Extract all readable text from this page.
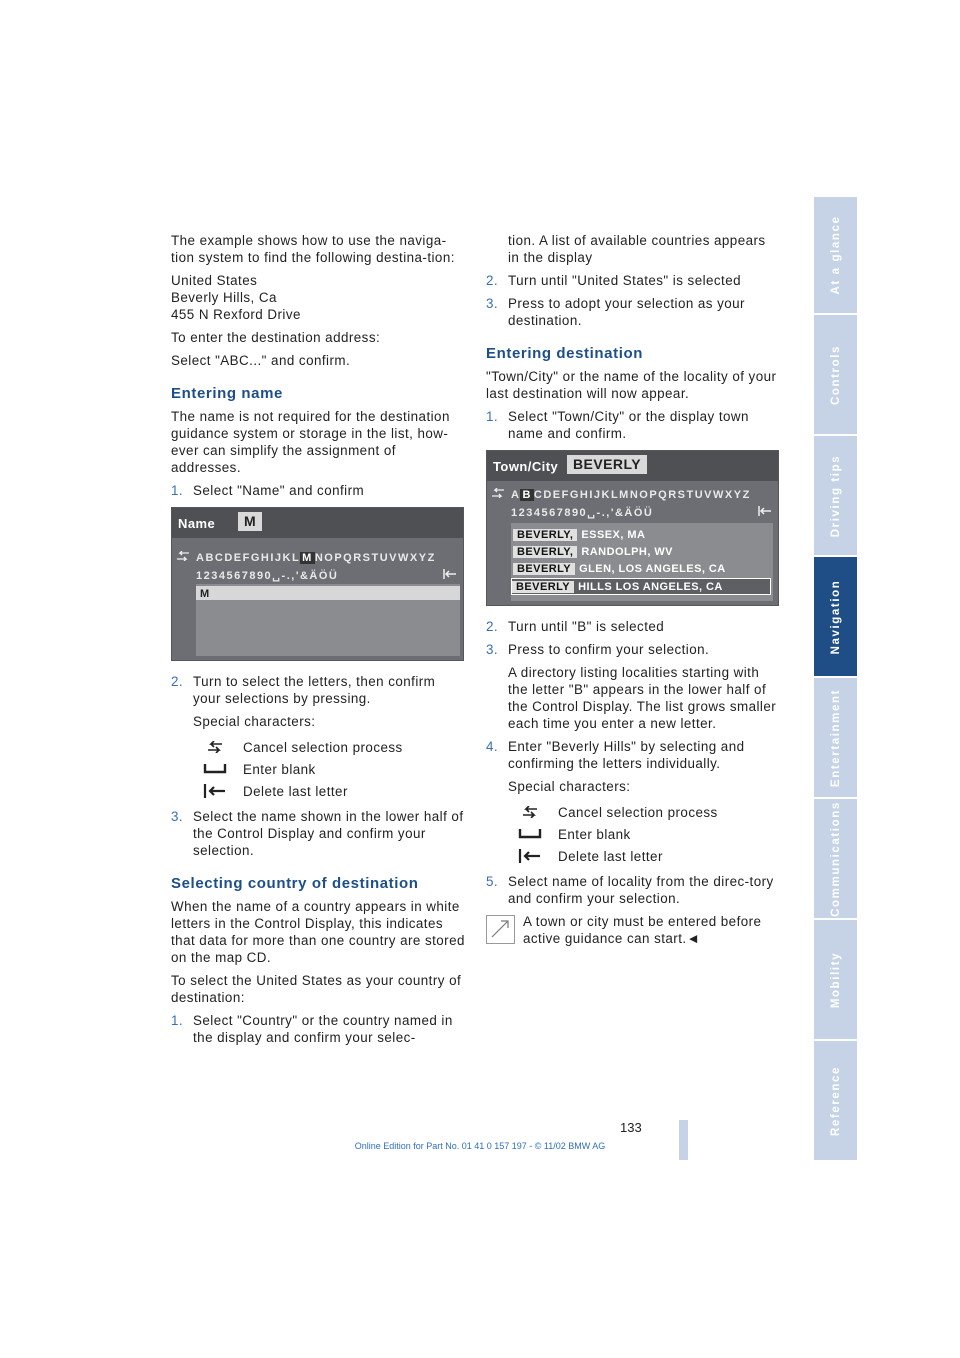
The example shows how to use the naviga-tion system to find the following destina-tion:

United States
Beverly Hills, Ca
455 N Rexford Drive

To enter the destination address:

Select "ABC..." and confirm.

Entering name

The name is not required for the destination guidance system or storage in the list, how-ever can simplify the assignment of addresses.

1. Select "Name" and confirm
Name	M
ABCDEFGHIJKL M NOPQRSTUVWXYZ
1234567890␣-.,'&ÄÖÜ
M
2. Turn to select the letters, then confirm your selections by pressing.
Special characters:
Cancel selection process
Enter blank
Delete last letter
3. Select the name shown in the lower half of the Control Display and confirm your selection.
Selecting country of destination

When the name of a country appears in white letters in the Control Display, this indicates that data for more than one country are stored on the map CD.

To select the United States as your country of destination:

1. Select "Country" or the country named in the display and confirm your selec-
tion. A list of available countries appears in the display
2. Turn until "United States" is selected
3. Press to adopt your selection as your destination.
Entering destination

"Town/City" or the name of the locality of your last destination will now appear.

1. Select "Town/City" or the display town name and confirm.
Town/City	BEVERLY
A B CDEFGHIJKLMNOPQRSTUVWXYZ
1234567890␣-.,'&ÄÖÜ
BEVERLY, ESSEX, MA
BEVERLY, RANDOLPH, WV
BEVERLY GLEN, LOS ANGELES, CA
BEVERLY HILLS LOS ANGELES, CA
2. Turn until "B" is selected
3. Press to confirm your selection.
A directory listing localities starting with the letter "B" appears in the lower half of the Control Display. The list grows smaller each time you enter a new letter.
4. Enter "Beverly Hills" by selecting and confirming the letters individually.
Special characters:
Cancel selection process
Enter blank
Delete last letter
5. Select name of locality from the direc-tory and confirm your selection.
A town or city must be entered before active guidance can start.◄
At a glance
Controls
Driving tips
Navigation
Entertainment
Communications
Mobility
Reference
133
Online Edition for Part No. 01 41 0 157 197 - © 11/02 BMW AG
